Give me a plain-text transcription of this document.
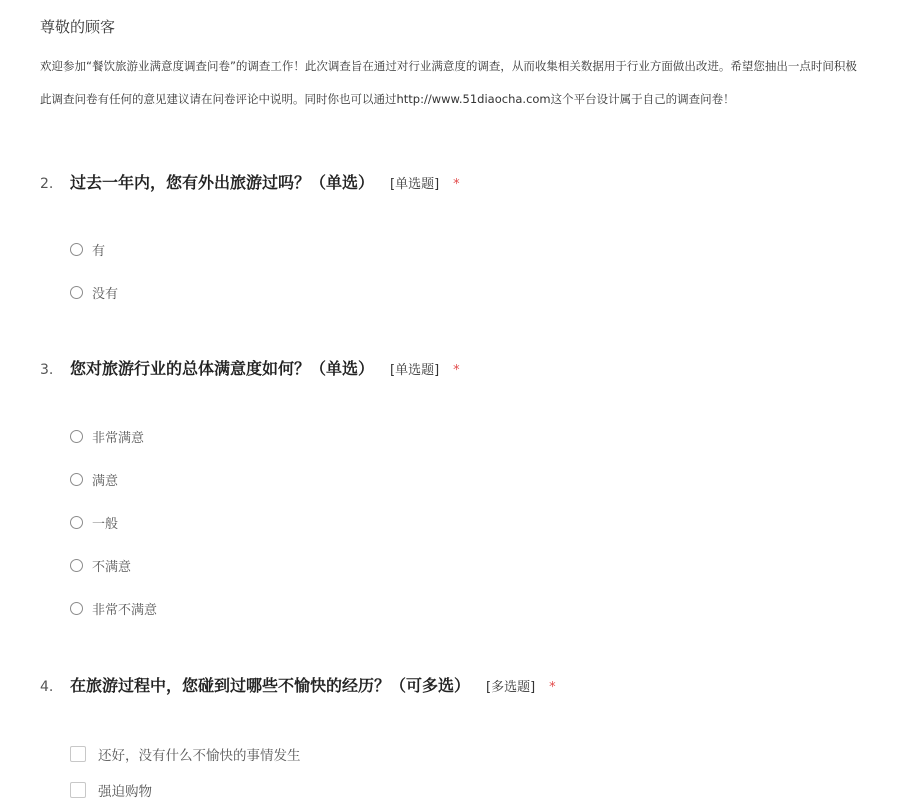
尊敬的顾客
欢迎参加“餐饮旅游业满意度调查问卷”的调查工作！此次调查旨在通过对行业满意度的调查，从而收集相关数据用于行业方面做出改进。希望您抽出一点时间积极
此调查问卷有任何的意见建议请在问卷评论中说明。同时你也可以通过http://www.51diaocha.com这个平台设计属于自己的调查问卷！
2.	过去一年内，您有外出旅游过吗？（单选） [单选题] *
有
没有
3.	您对旅游行业的总体满意度如何？（单选） [单选题] *
非常满意
满意
一般
不满意
非常不满意
4.	在旅游过程中，您碰到过哪些不愉快的经历？（可多选） [多选题] *
还好，没有什么不愉快的事情发生
强迫购物
